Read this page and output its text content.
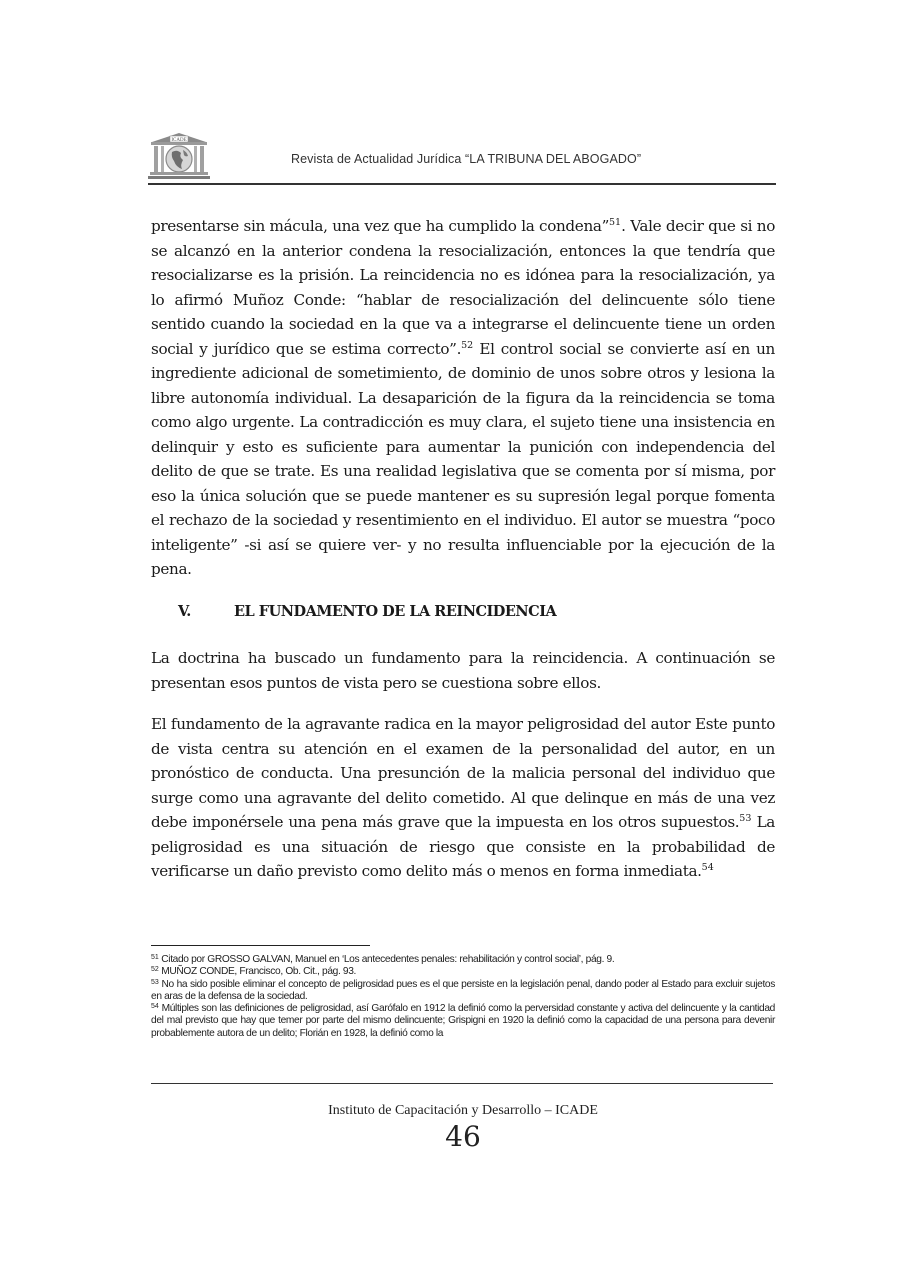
ICADE
Revista de Actualidad Jurídica “LA TRIBUNA DEL ABOGADO”
presentarse sin mácula, una vez que ha cumplido la condena”$^{51}$. Vale decir que si no se alcanzó en la anterior condena la resocialización, entonces la que tendría que resocializarse es la prisión. La reincidencia no es idónea para la resocialización, ya lo afirmó Muñoz Conde: “hablar de resocialización del delincuente sólo tiene sentido cuando la sociedad en la que va a integrarse el delincuente tiene un orden social y jurídico que se estima correcto”.$^{52}$ El control social se convierte así en un ingrediente adicional de sometimiento, de dominio de unos sobre otros y lesiona la libre autonomía individual. La desaparición de la figura da la reincidencia se toma como algo urgente. La contradicción es muy clara, el sujeto tiene una insistencia en delinquir y esto es suficiente para aumentar la punición con independencia del delito de que se trate. Es una realidad legislativa que se comenta por sí misma, por eso la única solución que se puede mantener es su supresión legal porque fomenta el rechazo de la sociedad y resentimiento en el individuo. El autor se muestra “poco inteligente” -si así se quiere ver- y no resulta influenciable por la ejecución de la pena.
V.	EL FUNDAMENTO DE LA REINCIDENCIA
La doctrina ha buscado un fundamento para la reincidencia. A continuación se presentan esos puntos de vista pero se cuestiona sobre ellos.
El fundamento de la agravante radica en la mayor peligrosidad del autor Este punto de vista centra su atención en el examen de la personalidad del autor, en un pronóstico de conducta. Una presunción de la malicia personal del individuo que surge como una agravante del delito cometido. Al que delinque en más de una vez debe imponérsele una pena más grave que la impuesta en los otros supuestos.$^{53}$ La peligrosidad es una situación de riesgo que consiste en la probabilidad de verificarse un daño previsto como delito más o menos en forma inmediata.$^{54}$

$^{51}$ Citado por GROSSO GALVAN, Manuel en ‘Los antecedentes penales: rehabilitación y control social’, pág. 9.

$^{52}$ MUÑOZ CONDE, Francisco, Ob. Cit., pág. 93.

$^{53}$ No ha sido posible eliminar el concepto de peligrosidad pues es el que persiste en la legislación penal, dando poder al Estado para excluir sujetos en aras de la defensa de la sociedad.

$^{54}$ Múltiples son las definiciones de peligrosidad, así Garófalo en 1912 la definió como la perversidad constante y activa del delincuente y la cantidad del mal previsto que hay que temer por parte del mismo delincuente; Grispigni en 1920 la definió como la capacidad de una persona para devenir probablemente autora de un delito; Florián en 1928, la definió como la

Instituto de Capacitación y Desarrollo – ICADE
46
